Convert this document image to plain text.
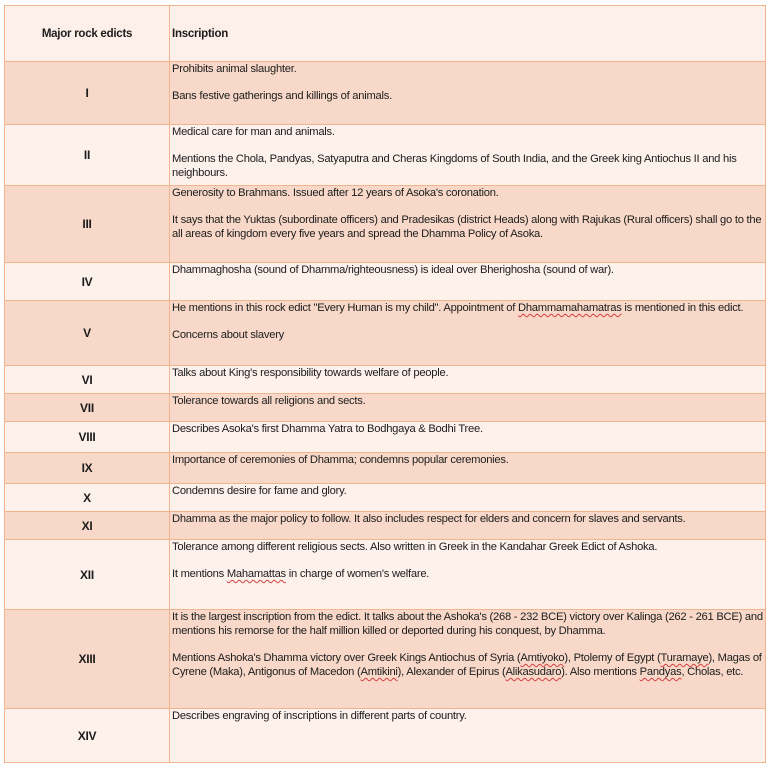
Major rock edicts	Inscription
I	Prohibits animal slaughter.
Bans festive gatherings and killings of animals.

II	Medical care for man and animals.
Mentions the Chola, Pandyas, Satyaputra and Cheras Kingdoms of South India, and the Greek king Antiochus II and his neighbours.

III	Generosity to Brahmans. Issued after 12 years of Asoka's coronation.
It says that the Yuktas (subordinate officers) and Pradesikas (district Heads) along with Rajukas (Rural officers) shall go to the all areas of kingdom every five years and spread the Dhamma Policy of Asoka.

IV	Dhammaghosha (sound of Dhamma/righteousness) is ideal over Bherighosha (sound of war).

V	He mentions in this rock edict "Every Human is my child". Appointment of Dhammamahamatras is mentioned in this edict.
Concerns about slavery

VI	Talks about King's responsibility towards welfare of people.

VII	Tolerance towards all religions and sects.

VIII	Describes Asoka's first Dhamma Yatra to Bodhgaya & Bodhi Tree.

IX	Importance of ceremonies of Dhamma; condemns popular ceremonies.

X	Condemns desire for fame and glory.

XI	Dhamma as the major policy to follow. It also includes respect for elders and concern for slaves and servants.

XII	Tolerance among different religious sects. Also written in Greek in the Kandahar Greek Edict of Ashoka.
It mentions Mahamattas in charge of women's welfare.

XIII	It is the largest inscription from the edict. It talks about the Ashoka's (268 - 232 BCE) victory over Kalinga (262 - 261 BCE) and mentions his remorse for the half million killed or deported during his conquest, by Dhamma.
Mentions Ashoka's Dhamma victory over Greek Kings Antiochus of Syria (Amtiyoko), Ptolemy of Egypt (Turamaye), Magas of Cyrene (Maka), Antigonus of Macedon (Amtikini), Alexander of Epirus (Alikasudaro). Also mentions Pandyas, Cholas, etc.

XIV	Describes engraving of inscriptions in different parts of country.
